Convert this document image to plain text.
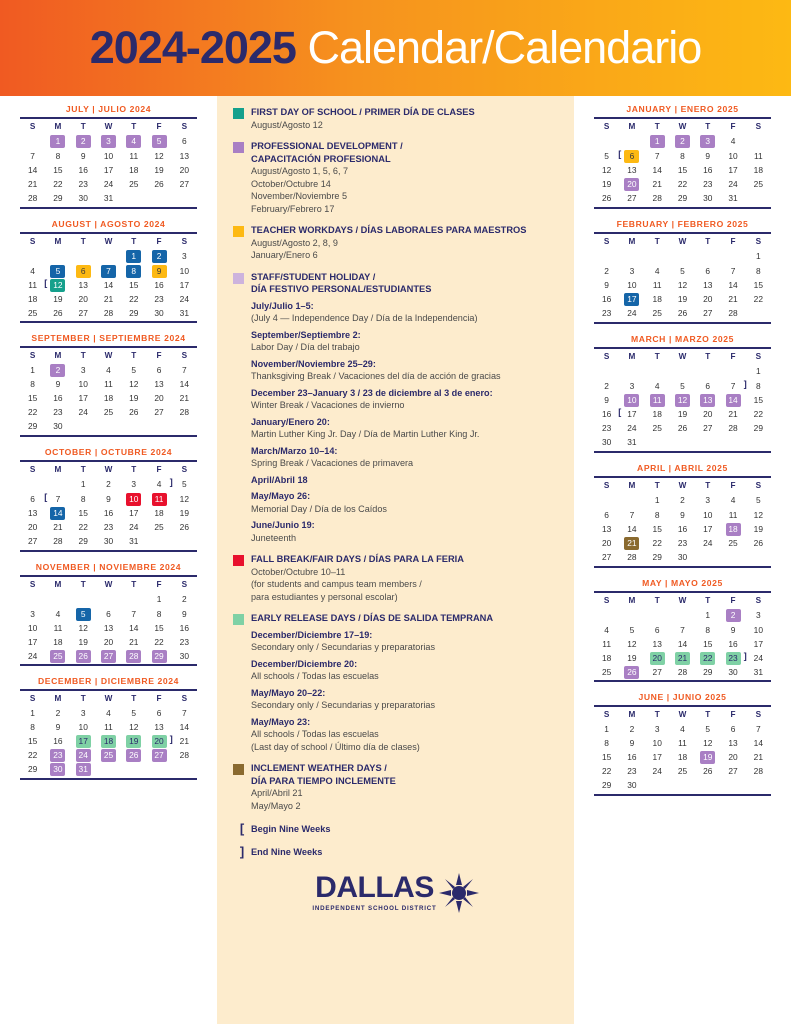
2024-2025 Calendar/Calendario
JULY | JULIO 2024
S	M	T	W	T	F	S
	1	2	3	4	5	6
7	8	9	10	11	12	13
14	15	16	17	18	19	20
21	22	23	24	25	26	27
28	29	30	31			
AUGUST | AGOSTO 2024
S	M	T	W	T	F	S
				1	2	3
4	5	6	7	8	9	10
11	[ 12	13	14	15	16	17
18	19	20	21	22	23	24
25	26	27	28	29	30	31
SEPTEMBER | SEPTIEMBRE 2024
S	M	T	W	T	F	S
1	2	3	4	5	6	7
8	9	10	11	12	13	14
15	16	17	18	19	20	21
22	23	24	25	26	27	28
29	30					
OCTOBER | OCTUBRE 2024
S	M	T	W	T	F	S
		1	2	3	4 ]	5
6	[ 7	8	9	10	11	12
13	14	15	16	17	18	19
20	21	22	23	24	25	26
27	28	29	30	31		
NOVEMBER | NOVIEMBRE 2024
S	M	T	W	T	F	S
					1	2
3	4	5	6	7	8	9
10	11	12	13	14	15	16
17	18	19	20	21	22	23
24	25	26	27	28	29	30
DECEMBER | DICIEMBRE 2024
S	M	T	W	T	F	S
1	2	3	4	5	6	7
8	9	10	11	12	13	14
15	16	17	18	19	20 ]	21
22	23	24	25	26	27	28
29	30	31				
FIRST DAY OF SCHOOL / PRIMER DÍA DE CLASES
August/Agosto 12
PROFESSIONAL DEVELOPMENT /
CAPACITACIÓN PROFESIONAL
August/Agosto 1, 5, 6, 7
October/Octubre 14
November/Noviembre 5
February/Febrero 17
TEACHER WORKDAYS / DÍAS LABORALES PARA MAESTROS
August/Agosto 2, 8, 9
January/Enero 6
STAFF/STUDENT HOLIDAY /
DÍA FESTIVO PERSONAL/ESTUDIANTES
July/Julio 1–5:
(July 4 — Independence Day / Día de la Independencia)
September/Septiembre 2:
Labor Day / Día del trabajo
November/Noviembre 25–29:
Thanksgiving Break / Vacaciones del día de acción de gracias
December 23–January 3 / 23 de diciembre al 3 de enero:
Winter Break / Vacaciones de invierno
January/Enero 20:
Martin Luther King Jr. Day / Día de Martin Luther King Jr.
March/Marzo 10–14:
Spring Break / Vacaciones de primavera
April/Abril 18
May/Mayo 26:
Memorial Day / Día de los Caídos
June/Junio 19:
Juneteenth
FALL BREAK/FAIR DAYS / DÍAS PARA LA FERIA
October/Octubre 10–11
(for students and campus team members /
para estudiantes y personal escolar)
EARLY RELEASE DAYS / DÍAS DE SALIDA TEMPRANA
December/Diciembre 17–19:
Secondary only / Secundarias y preparatorias
December/Diciembre 20:
All schools / Todas las escuelas
May/Mayo 20–22:
Secondary only / Secundarias y preparatorias
May/Mayo 23:
All schools / Todas las escuelas
(Last day of school / Último día de clases)
INCLEMENT WEATHER DAYS /
DÍA PARA TIEMPO INCLEMENTE
April/Abril 21
May/Mayo 2
[ Begin Nine Weeks
] End Nine Weeks
DALLAS
INDEPENDENT SCHOOL DISTRICT
JANUARY | ENERO 2025
S	M	T	W	T	F	S
		1	2	3	4	
5	[ 6	7	8	9	10	11
12	13	14	15	16	17	18
19	20	21	22	23	24	25
26	27	28	29	30	31	
FEBRUARY | FEBRERO 2025
S	M	T	W	T	F	S
						1
2	3	4	5	6	7	8
9	10	11	12	13	14	15
16	17	18	19	20	21	22
23	24	25	26	27	28	
MARCH | MARZO 2025
S	M	T	W	T	F	S
						1
2	3	4	5	6	7 ]	8
9	10	11	12	13	14	15
16	[ 17	18	19	20	21	22
23	24	25	26	27	28	29
30	31					
APRIL | ABRIL 2025
S	M	T	W	T	F	S
		1	2	3	4	5
6	7	8	9	10	11	12
13	14	15	16	17	18	19
20	21	22	23	24	25	26
27	28	29	30			
MAY | MAYO 2025
S	M	T	W	T	F	S
				1	2	3
4	5	6	7	8	9	10
11	12	13	14	15	16	17
18	19	20	21	22	23 ]	24
25	26	27	28	29	30	31
JUNE | JUNIO 2025
S	M	T	W	T	F	S
1	2	3	4	5	6	7
8	9	10	11	12	13	14
15	16	17	18	19	20	21
22	23	24	25	26	27	28
29	30					
